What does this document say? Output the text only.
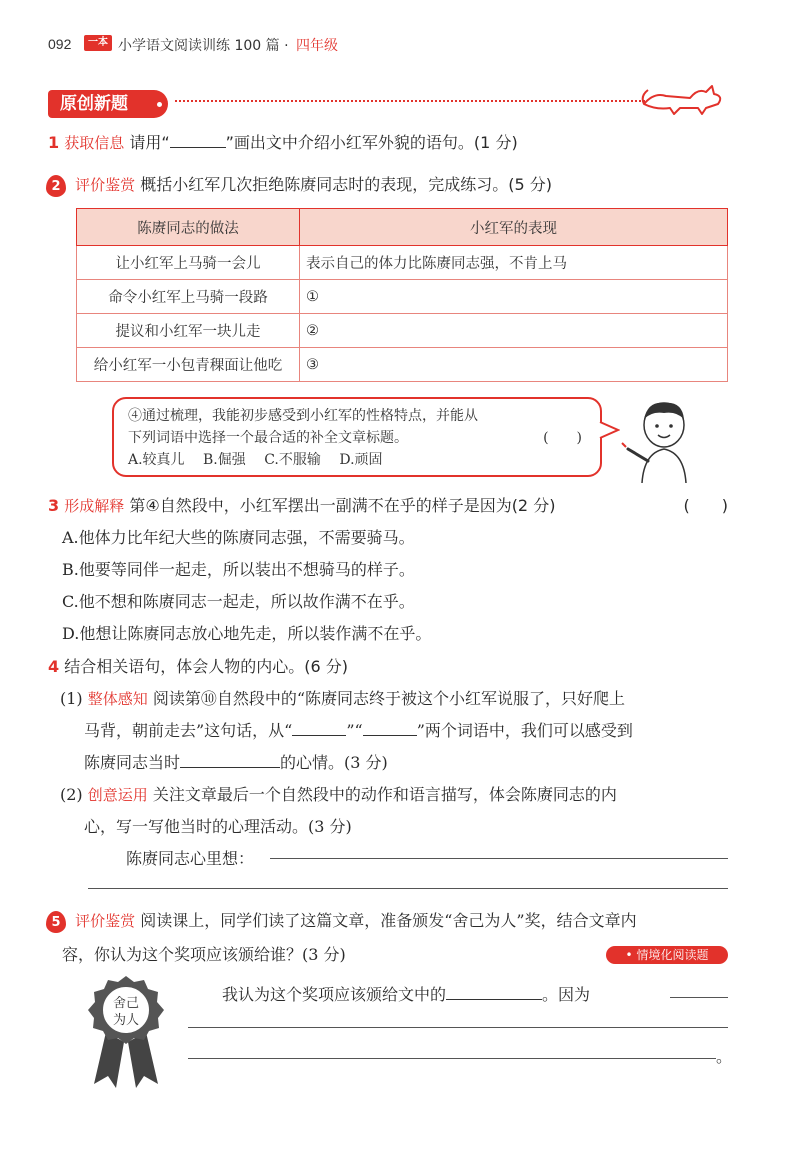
092	一本 小学语文阅读训练 100 篇 · 四年级
原创新题
1 获取信息 请用“	”画出文中介绍小红军外貌的语句。(1 分)
2 评价鉴赏 概括小红军几次拒绝陈赓同志时的表现，完成练习。(5 分)
陈赓同志的做法	小红军的表现
让小红军上马骑一会儿	表示自己的体力比陈赓同志强，不肯上马
命令小红军上马骑一段路	①
提议和小红军一块儿走	②
给小红军一小包青稞面让他吃	③
④通过梳理，我能初步感受到小红军的性格特点，并能从
下列词语中选择一个最合适的补全文章标题。	(　　)
A.较真儿 B.倔强 C.不服输 D.顽固
3 形成解释 第④自然段中，小红军摆出一副满不在乎的样子是因为(2 分)	(　　)
A.他体力比年纪大些的陈赓同志强，不需要骑马。
B.他要等同伴一起走，所以装出不想骑马的样子。
C.他不想和陈赓同志一起走，所以故作满不在乎。
D.他想让陈赓同志放心地先走，所以装作满不在乎。
4 结合相关语句，体会人物的内心。(6 分)
(1) 整体感知 阅读第⑩自然段中的“陈赓同志终于被这个小红军说服了，只好爬上
马背，朝前走去”这句话，从“	”“	”两个词语中，我们可以感受到
陈赓同志当时	的心情。(3 分)
(2) 创意运用 关注文章最后一个自然段中的动作和语言描写，体会陈赓同志的内
心，写一写他当时的心理活动。(3 分)
陈赓同志心里想：
5 评价鉴赏 阅读课上，同学们读了这篇文章，准备颁发“舍己为人”奖，结合文章内
容，你认为这个奖项应该颁给谁？(3 分)	• 情境化阅读题
舍己
为人
我认为这个奖项应该颁给文中的	。因为
。
